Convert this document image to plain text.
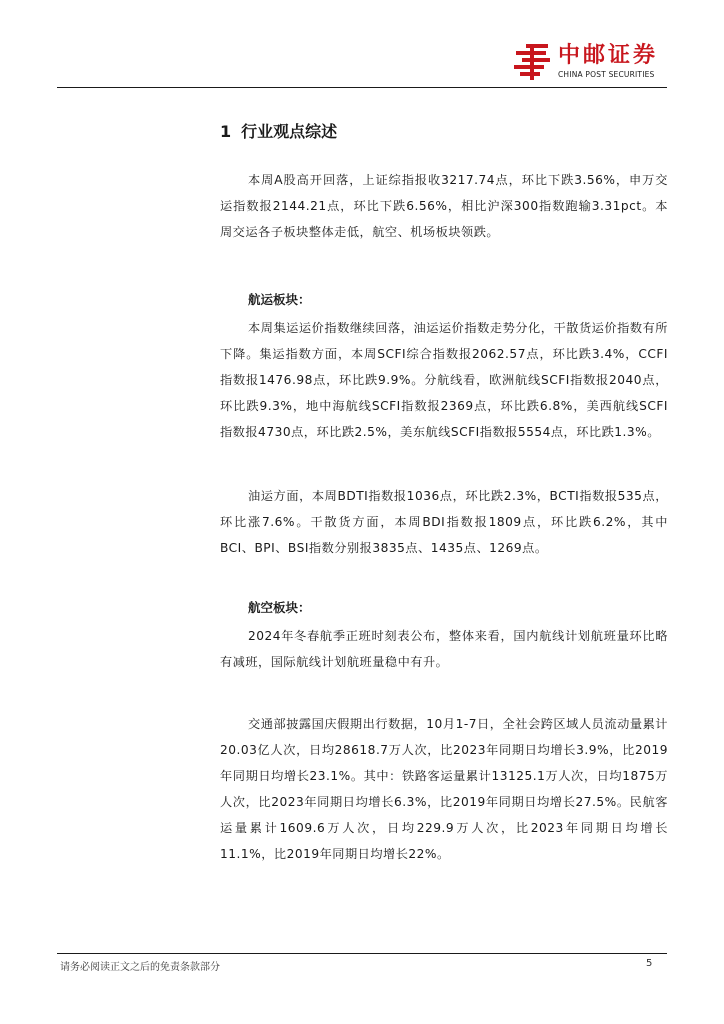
中邮证券
CHINA POST SECURITIES
1 行业观点综述

本周A股高开回落，上证综指报收3217.74点，环比下跌3.56%，申万交运指数报2144.21点，环比下跌6.56%，相比沪深300指数跑输3.31pct。本周交运各子板块整体走低，航空、机场板块领跌。

航运板块：

本周集运运价指数继续回落，油运运价指数走势分化，干散货运价指数有所下降。集运指数方面，本周SCFI综合指数报2062.57点，环比跌3.4%，CCFI指数报1476.98点，环比跌9.9%。分航线看，欧洲航线SCFI指数报2040点，环比跌9.3%，地中海航线SCFI指数报2369点，环比跌6.8%，美西航线SCFI指数报4730点，环比跌2.5%，美东航线SCFI指数报5554点，环比跌1.3%。

油运方面，本周BDTI指数报1036点，环比跌2.3%，BCTI指数报535点，环比涨7.6%。干散货方面，本周BDI指数报1809点，环比跌6.2%，其中BCI、BPI、BSI指数分别报3835点、1435点、1269点。

航空板块：

2024年冬春航季正班时刻表公布，整体来看，国内航线计划航班量环比略有减班，国际航线计划航班量稳中有升。

交通部披露国庆假期出行数据，10月1-7日，全社会跨区域人员流动量累计20.03亿人次，日均28618.7万人次，比2023年同期日均增长3.9%，比2019年同期日均增长23.1%。其中：铁路客运量累计13125.1万人次，日均1875万人次，比2023年同期日均增长6.3%，比2019年同期日均增长27.5%。民航客运量累计1609.6万人次，日均229.9万人次，比2023年同期日均增长11.1%，比2019年同期日均增长22%。

请务必阅读正文之后的免责条款部分	5
